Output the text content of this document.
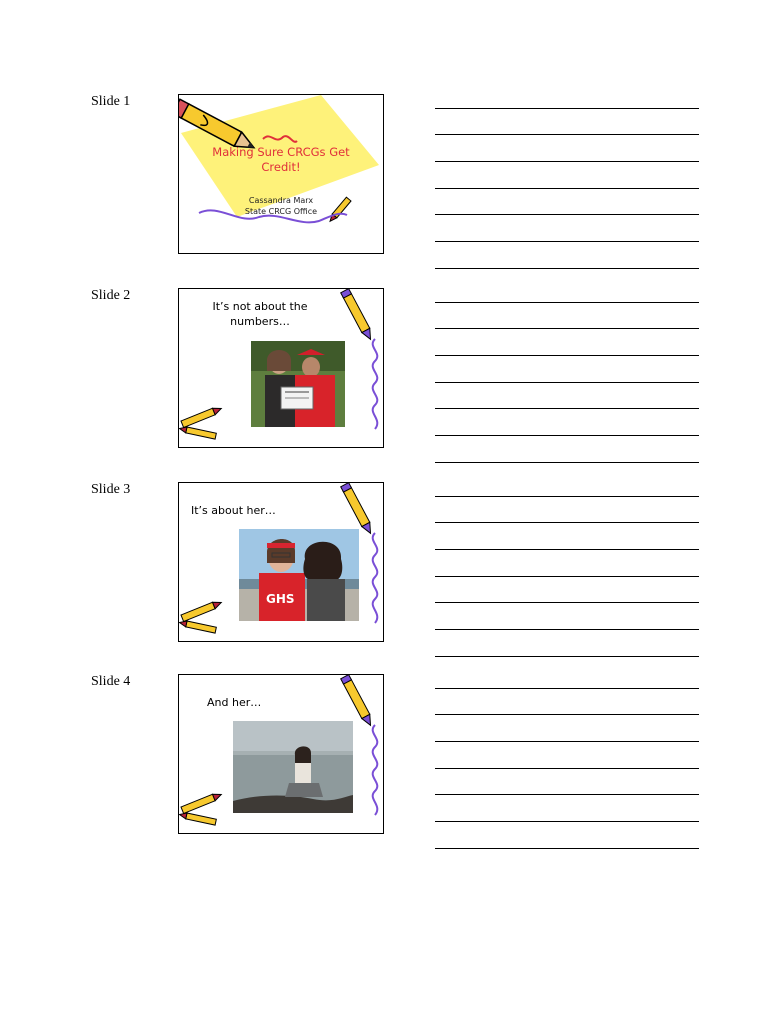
Slide 1
Making Sure CRCGs Get Credit!
Cassandra Marx
State CRCG Office
Slide 2
It’s not about the
numbers…
Slide 3
It’s about her…
GHS
Slide 4
And her…
